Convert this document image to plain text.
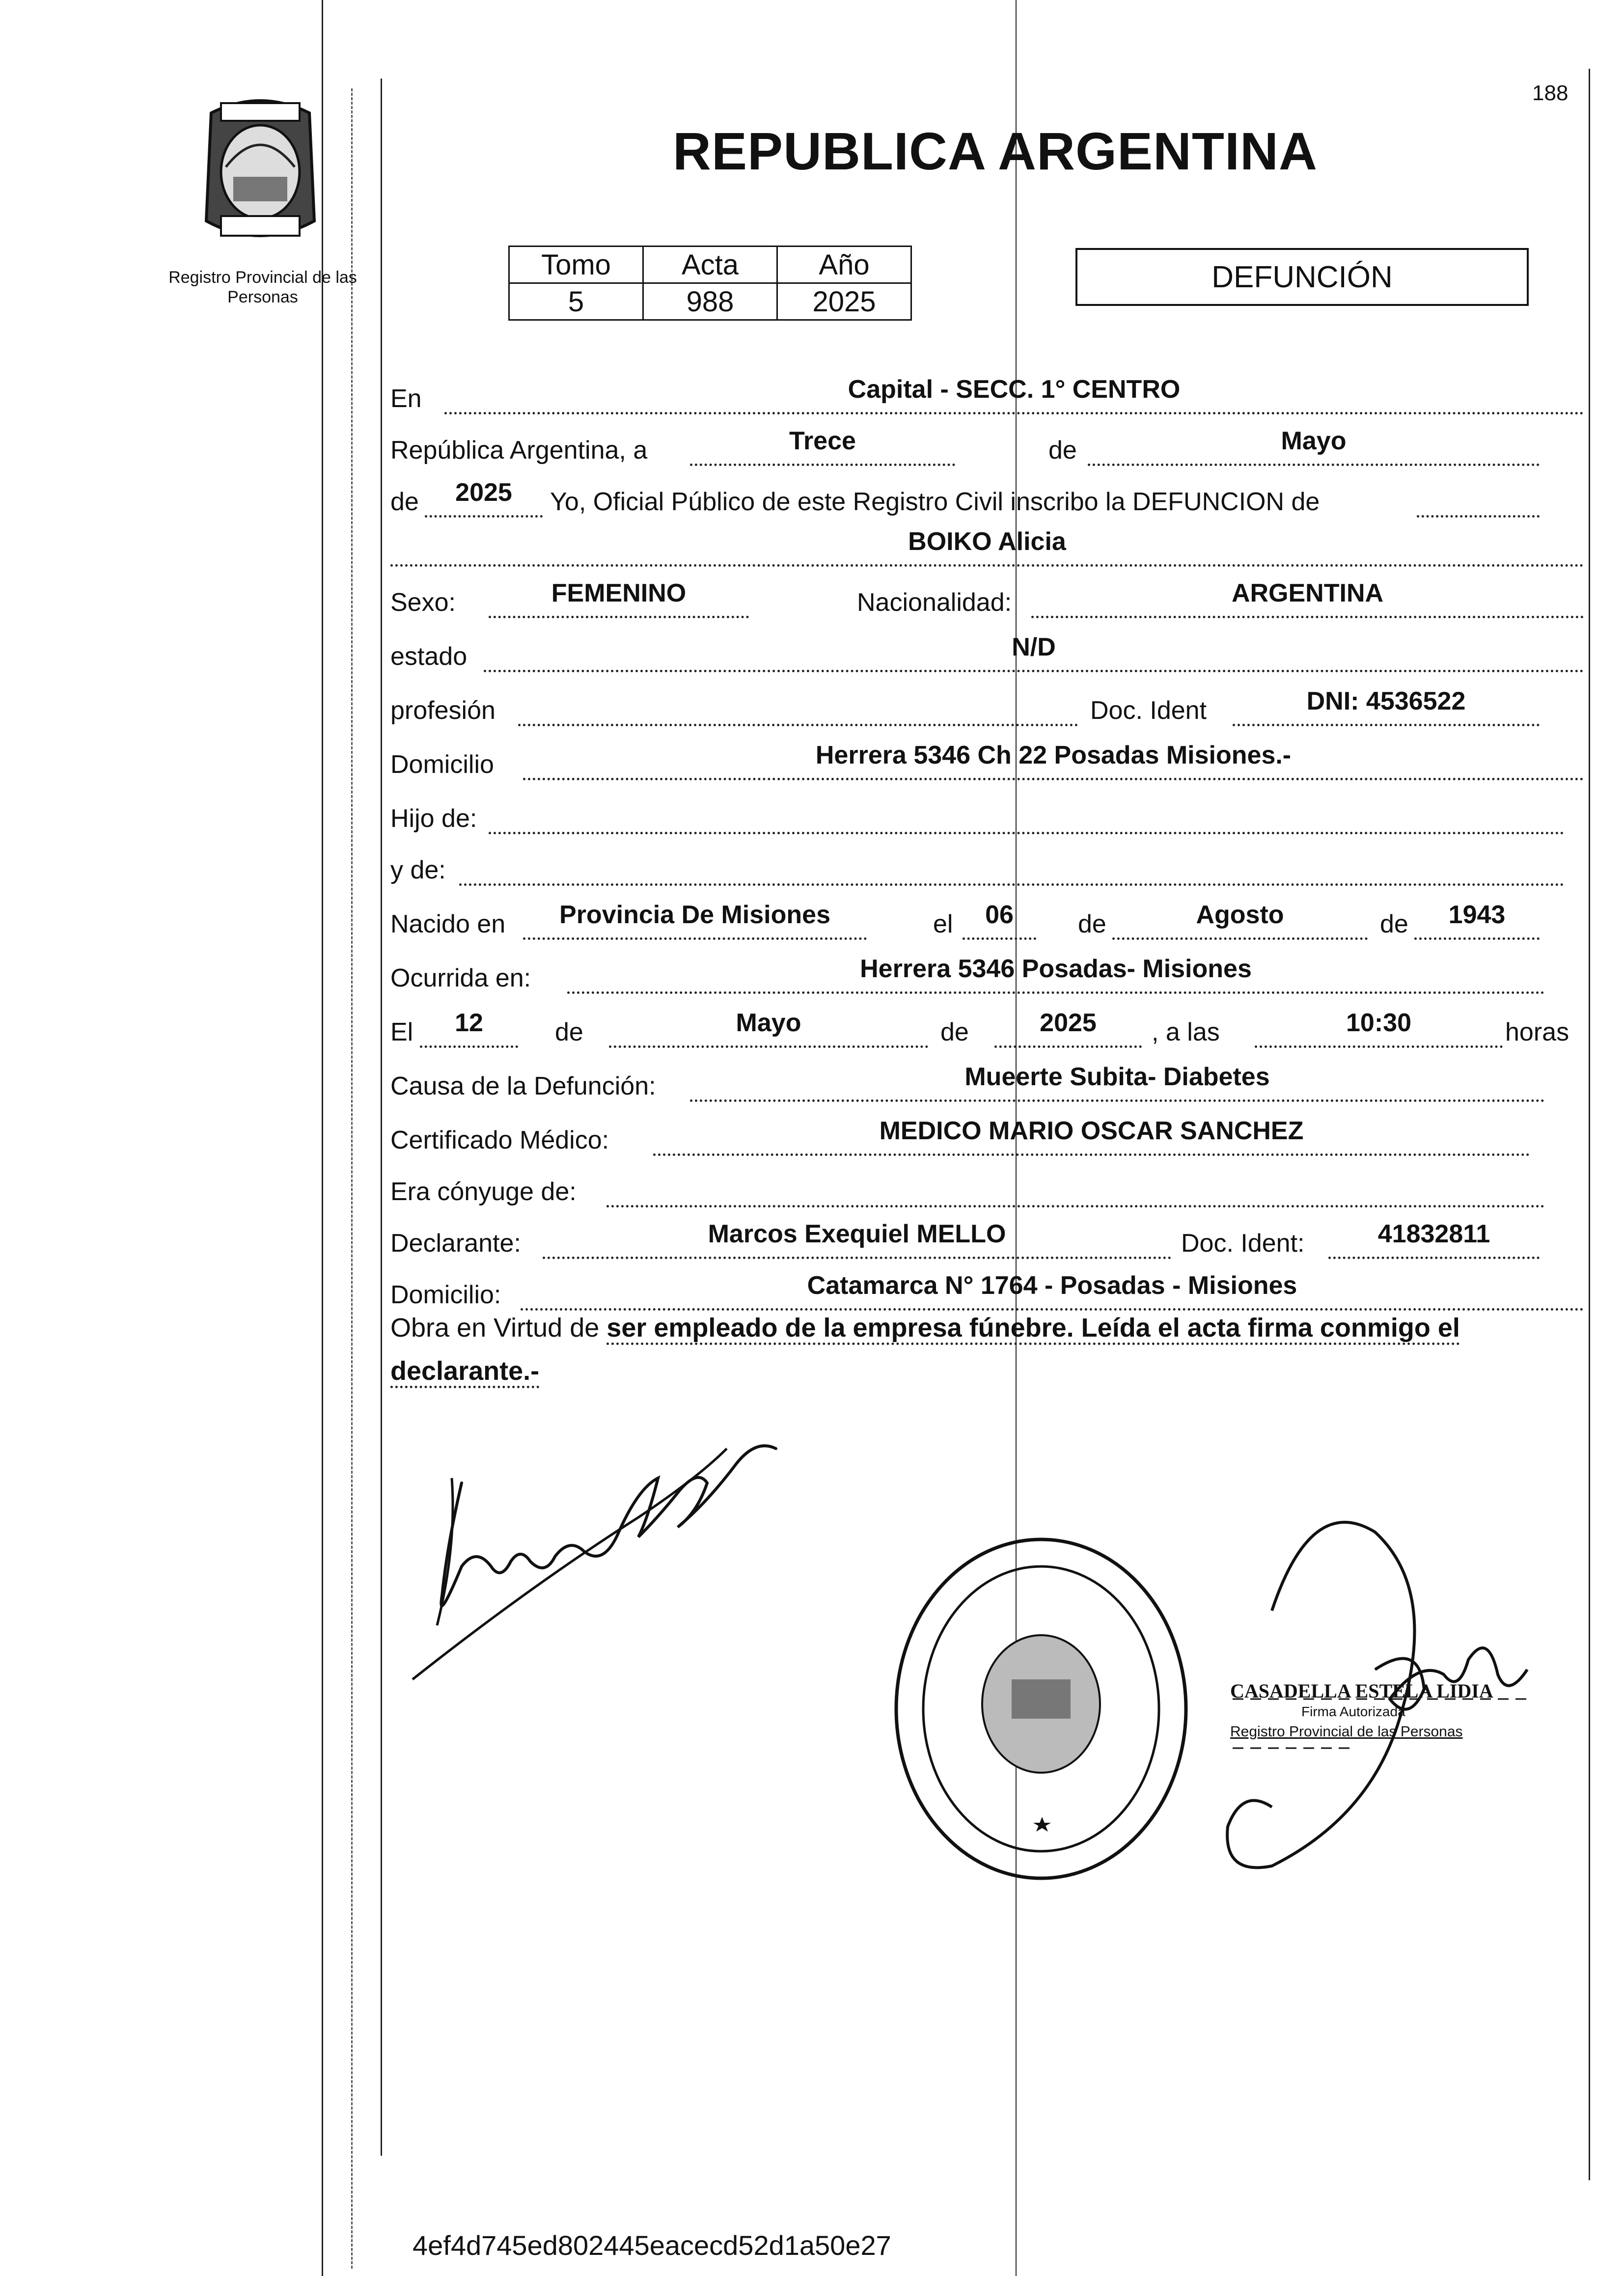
Registro Provincial de las Personas
188
REPUBLICA ARGENTINA
Tomo	Acta	Año
5	988	2025
DEFUNCIÓN
En	Capital - SECC. 1° CENTRO
República Argentina, a	Trece	de	Mayo
de 2025 Yo, Oficial Público de este Registro Civil inscribo la DEFUNCION de
BOIKO Alicia
Sexo:	FEMENINO	Nacionalidad:	ARGENTINA
estado	N/D
profesión	Doc. Ident	DNI: 4536522
Domicilio	Herrera 5346 Ch 22 Posadas Misiones.-
Hijo de:
y de:
Nacido en Provincia De Misiones	el 06	de	Agosto	de 1943
Ocurrida en:	Herrera 5346 Posadas- Misiones
El 12	de	Mayo	de	2025 , a las	10:30	horas
Causa de la Defunción:	Mueerte Subita- Diabetes
Certificado Médico:	MEDICO MARIO OSCAR SANCHEZ
Era cónyuge de:
Declarante:	Marcos Exequiel MELLO	Doc. Ident:	41832811
Domicilio:	Catamarca N° 1764 - Posadas - Misiones
Obra en Virtud de ser empleado de la empresa fúnebre. Leída el acta firma conmigo el declarante.-
CASADELLA ESTELA LIDIA
Firma Autorizada
Registro Provincial de las Personas
4ef4d745ed802445eacecd52d1a50e27
